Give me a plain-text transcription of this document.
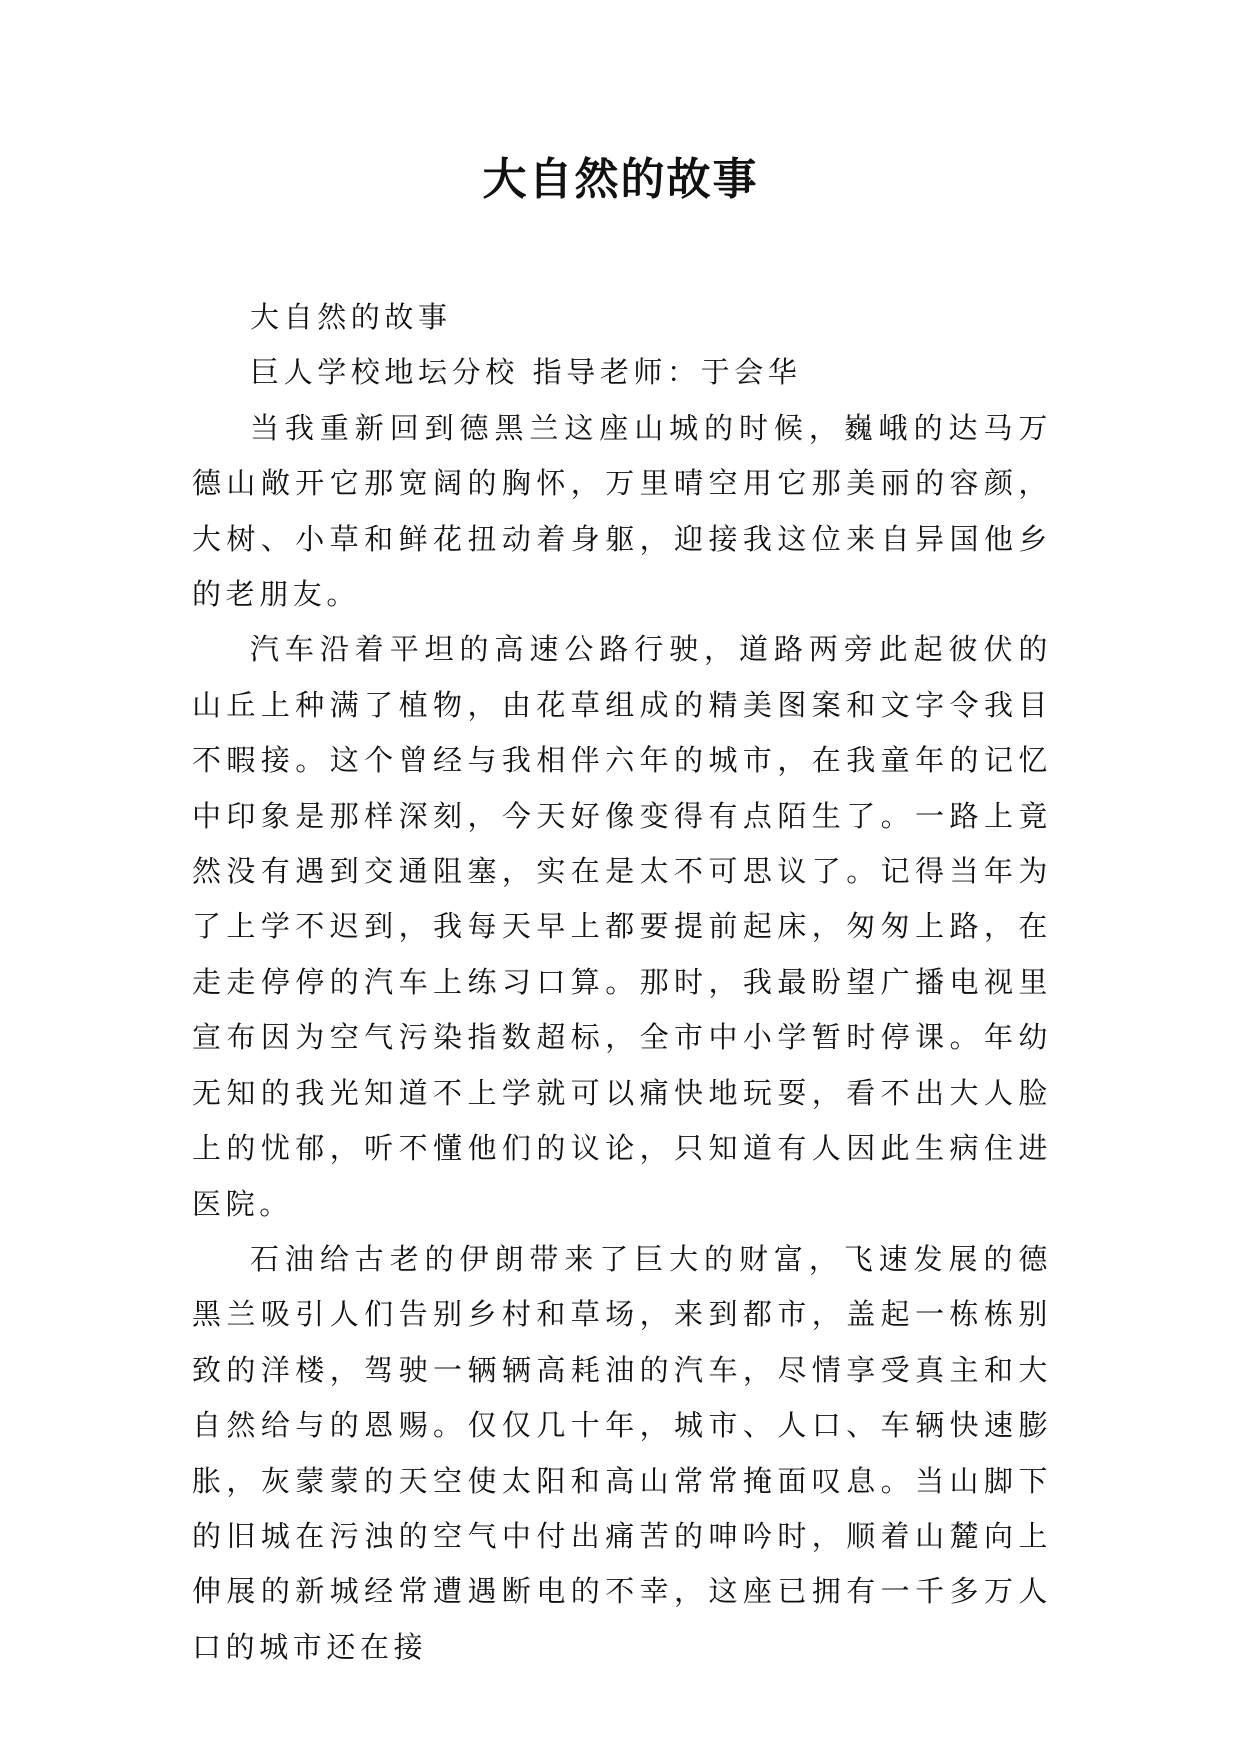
大自然的故事

大自然的故事

巨人学校地坛分校 指导老师：于会华

当我重新回到德黑兰这座山城的时候，巍峨的达马万德山敞开它那宽阔的胸怀，万里晴空用它那美丽的容颜，大树、小草和鲜花扭动着身躯，迎接我这位来自异国他乡的老朋友。

汽车沿着平坦的高速公路行驶，道路两旁此起彼伏的山丘上种满了植物，由花草组成的精美图案和文字令我目不暇接。这个曾经与我相伴六年的城市，在我童年的记忆中印象是那样深刻，今天好像变得有点陌生了。一路上竟然没有遇到交通阻塞，实在是太不可思议了。记得当年为了上学不迟到，我每天早上都要提前起床，匆匆上路，在走走停停的汽车上练习口算。那时，我最盼望广播电视里宣布因为空气污染指数超标，全市中小学暂时停课。年幼无知的我光知道不上学就可以痛快地玩耍，看不出大人脸上的忧郁，听不懂他们的议论，只知道有人因此生病住进医院。

石油给古老的伊朗带来了巨大的财富，飞速发展的德黑兰吸引人们告别乡村和草场，来到都市，盖起一栋栋别致的洋楼，驾驶一辆辆高耗油的汽车，尽情享受真主和大自然给与的恩赐。仅仅几十年，城市、人口、车辆快速膨胀，灰蒙蒙的天空使太阳和高山常常掩面叹息。当山脚下的旧城在污浊的空气中付出痛苦的呻吟时，顺着山麓向上伸展的新城经常遭遇断电的不幸，这座已拥有一千多万人口的城市还在接
